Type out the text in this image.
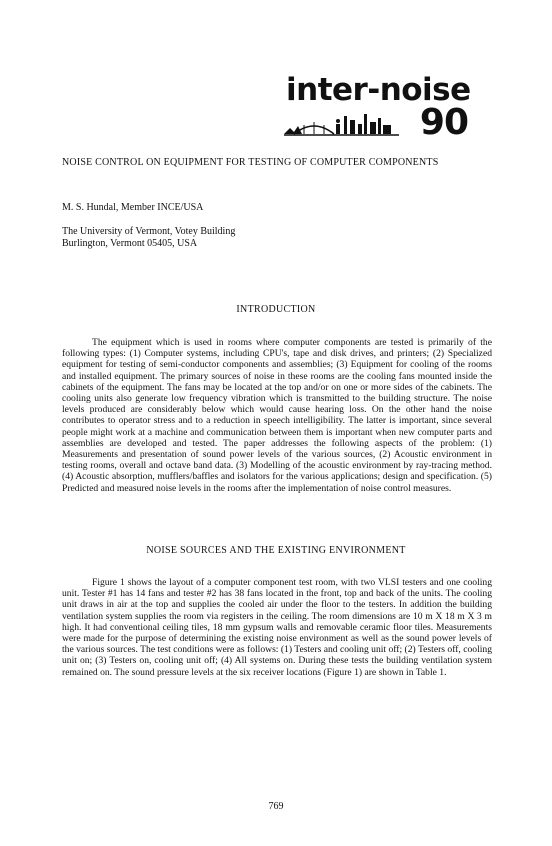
inter-noise
90
NOISE CONTROL ON EQUIPMENT FOR TESTING OF COMPUTER COMPONENTS
M. S. Hundal, Member INCE/USA
The University of Vermont, Votey Building
Burlington, Vermont 05405, USA
INTRODUCTION

The equipment which is used in rooms where computer components are tested is primarily of the following types: (1) Computer systems, including CPU's, tape and disk drives, and printers; (2) Specialized equipment for testing of semi-conductor components and assemblies; (3) Equipment for cooling of the rooms and installed equipment. The primary sources of noise in these rooms are the cooling fans mounted inside the cabinets of the equipment. The fans may be located at the top and/or on one or more sides of the cabinets. The cooling units also generate low frequency vibration which is transmitted to the building structure. The noise levels produced are considerably below which would cause hearing loss. On the other hand the noise contributes to operator stress and to a reduction in speech intelligibility. The latter is important, since several people might work at a machine and communication between them is important when new computer parts and assemblies are developed and tested. The paper addresses the following aspects of the problem: (1) Measurements and presentation of sound power levels of the various sources, (2) Acoustic environment in testing rooms, overall and octave band data. (3) Modelling of the acoustic environment by ray-tracing method. (4) Acoustic absorption, mufflers/baffles and isolators for the various applications; design and specification. (5) Predicted and measured noise levels in the rooms after the implementation of noise control measures.

NOISE SOURCES AND THE EXISTING ENVIRONMENT

Figure 1 shows the layout of a computer component test room, with two VLSI testers and one cooling unit. Tester #1 has 14 fans and tester #2 has 38 fans located in the front, top and back of the units. The cooling unit draws in air at the top and supplies the cooled air under the floor to the testers. In addition the building ventilation system supplies the room via registers in the ceiling. The room dimensions are 10 m X 18 m X 3 m high. It had conventional ceiling tiles, 18 mm gypsum walls and removable ceramic floor tiles. Measurements were made for the purpose of determining the existing noise environment as well as the sound power levels of the various sources. The test conditions were as follows: (1) Testers and cooling unit off; (2) Testers off, cooling unit on; (3) Testers on, cooling unit off; (4) All systems on. During these tests the building ventilation system remained on. The sound pressure levels at the six receiver locations (Figure 1) are shown in Table 1.

769
